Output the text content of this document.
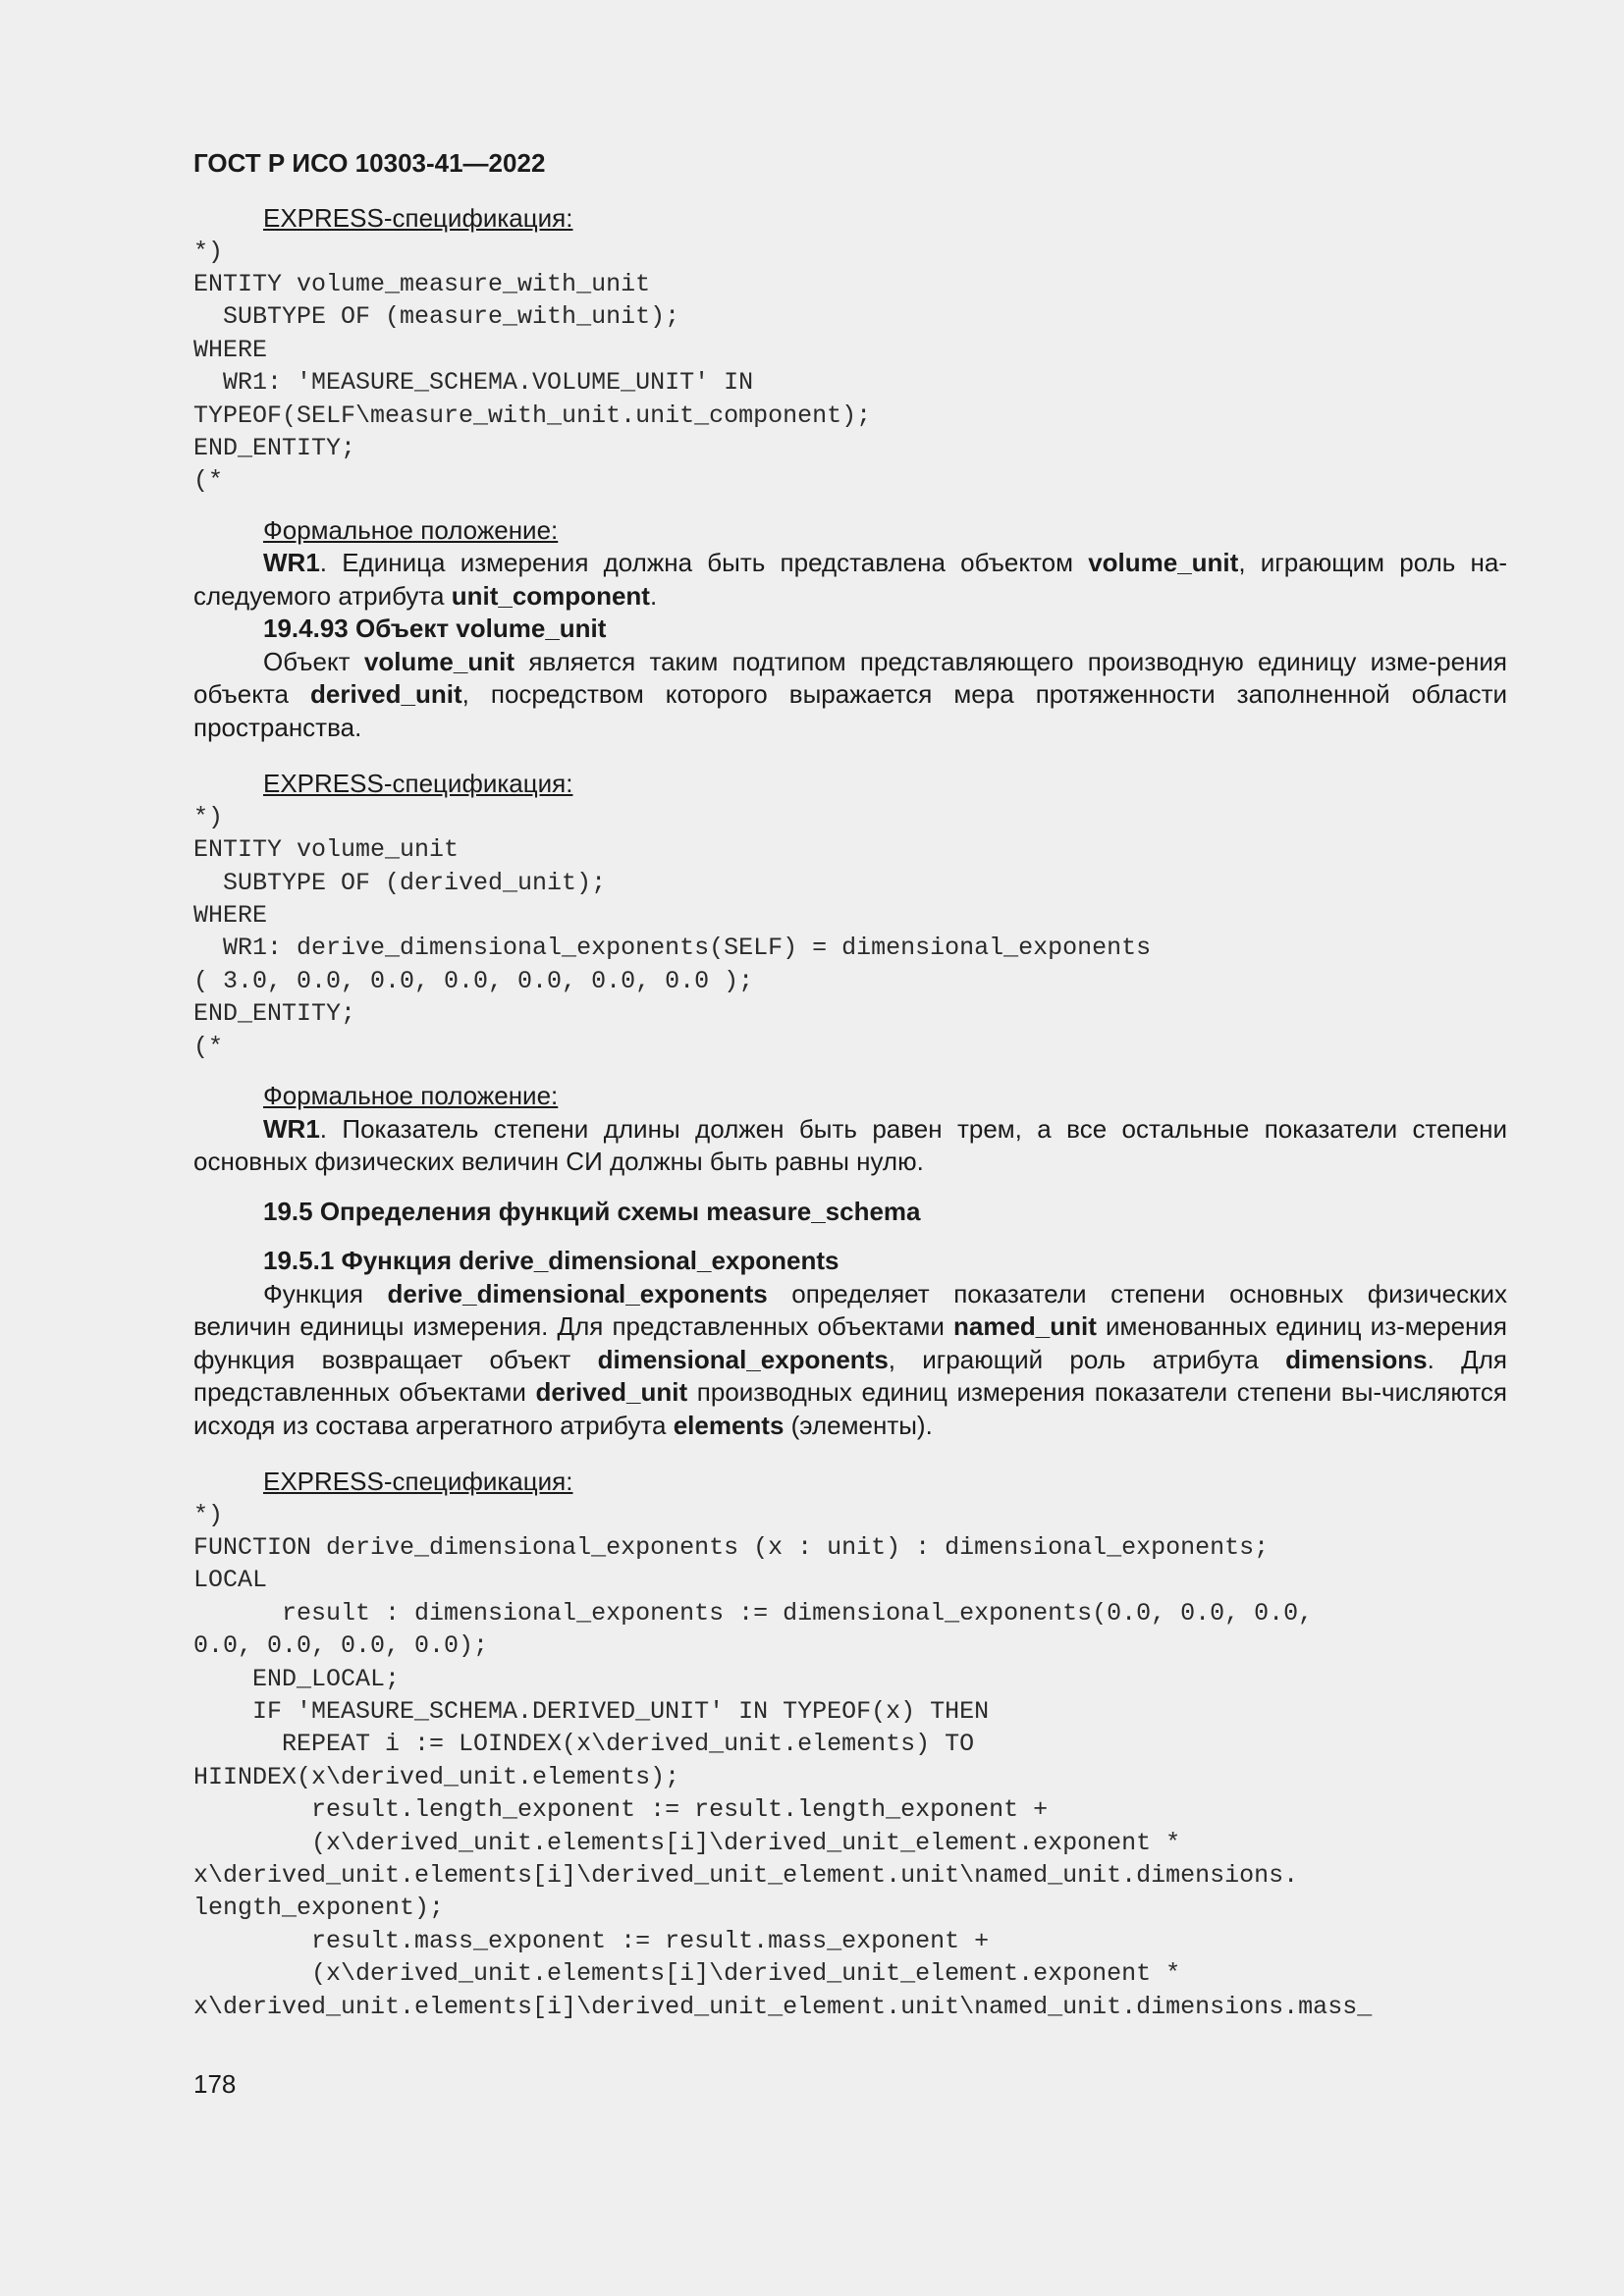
ГОСТ Р ИСО 10303-41—2022
EXPRESS-спецификация:
*)
ENTITY volume_measure_with_unit
SUBTYPE OF (measure_with_unit);
WHERE
WR1: 'MEASURE_SCHEMA.VOLUME_UNIT' IN
TYPEOF(SELF\measure_with_unit.unit_component);
END_ENTITY;
(*
Формальное положение:
WR1. Единица измерения должна быть представлена объектом volume_unit, играющим роль на-следуемого атрибута unit_component.
19.4.93 Объект volume_unit
Объект volume_unit является таким подтипом представляющего производную единицу изме-рения объекта derived_unit, посредством которого выражается мера протяженности заполненной области пространства.
EXPRESS-спецификация:
*)
ENTITY volume_unit
SUBTYPE OF (derived_unit);
WHERE
WR1: derive_dimensional_exponents(SELF) = dimensional_exponents
( 3.0, 0.0, 0.0, 0.0, 0.0, 0.0, 0.0 );
END_ENTITY;
(*
Формальное положение:
WR1. Показатель степени длины должен быть равен трем, а все остальные показатели степени основных физических величин СИ должны быть равны нулю.
19.5 Определения функций схемы measure_schema
19.5.1 Функция derive_dimensional_exponents
Функция derive_dimensional_exponents определяет показатели степени основных физических величин единицы измерения. Для представленных объектами named_unit именованных единиц из-мерения функция возвращает объект dimensional_exponents, играющий роль атрибута dimensions. Для представленных объектами derived_unit производных единиц измерения показатели степени вы-числяются исходя из состава агрегатного атрибута elements (элементы).
EXPRESS-спецификация:
*)
FUNCTION derive_dimensional_exponents (x : unit) : dimensional_exponents;
LOCAL
result : dimensional_exponents := dimensional_exponents(0.0, 0.0, 0.0,
0.0, 0.0, 0.0, 0.0);
END_LOCAL;
IF 'MEASURE_SCHEMA.DERIVED_UNIT' IN TYPEOF(x) THEN
REPEAT i := LOINDEX(x\derived_unit.elements) TO
HIINDEX(x\derived_unit.elements);
result.length_exponent := result.length_exponent +
(x\derived_unit.elements[i]\derived_unit_element.exponent *
x\derived_unit.elements[i]\derived_unit_element.unit\named_unit.dimensions.
length_exponent);
result.mass_exponent := result.mass_exponent +
(x\derived_unit.elements[i]\derived_unit_element.exponent *
x\derived_unit.elements[i]\derived_unit_element.unit\named_unit.dimensions.mass_
178
